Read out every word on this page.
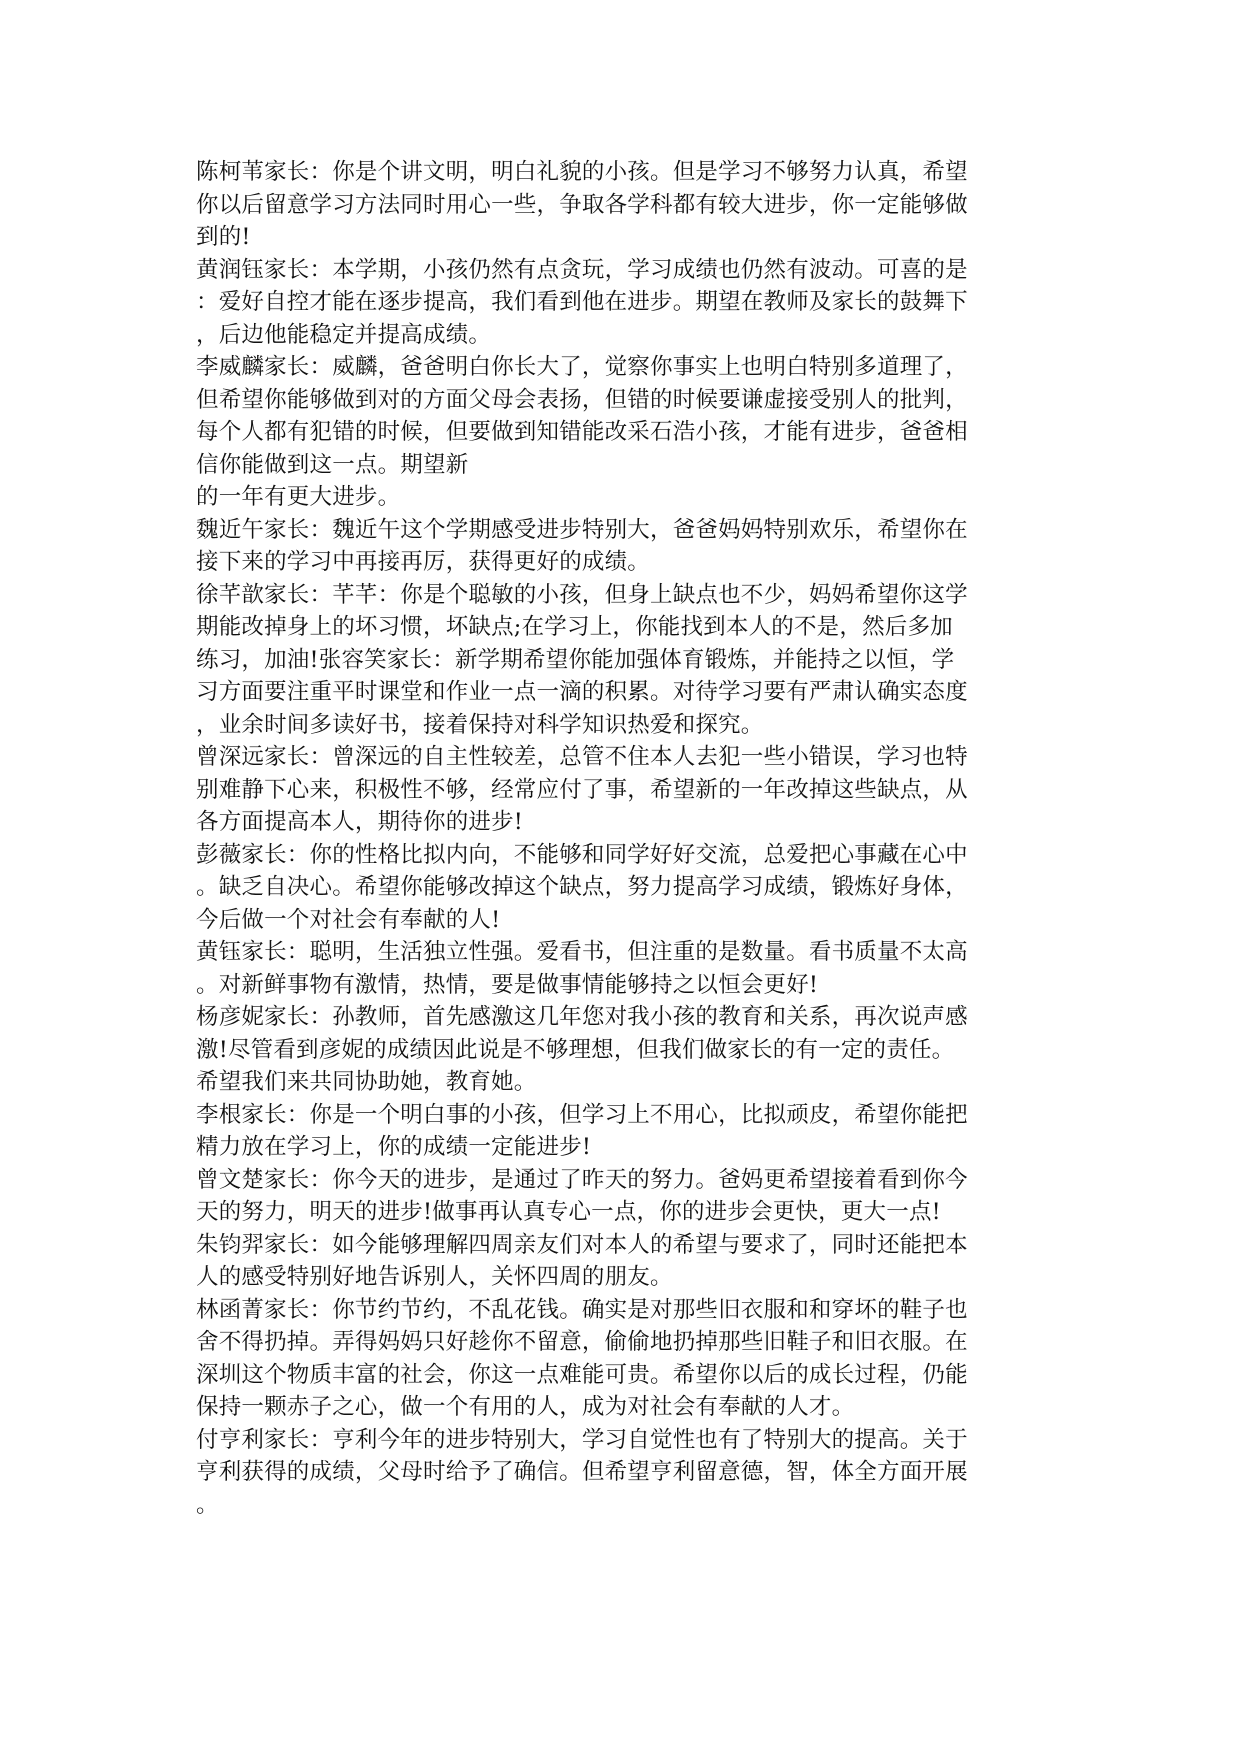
陈柯苇家长：你是个讲文明，明白礼貌的小孩。但是学习不够努力认真，希望
你以后留意学习方法同时用心一些，争取各学科都有较大进步，你一定能够做
到的!

黄润钰家长：本学期，小孩仍然有点贪玩，学习成绩也仍然有波动。可喜的是
：爱好自控才能在逐步提高，我们看到他在进步。期望在教师及家长的鼓舞下
，后边他能稳定并提高成绩。

李威麟家长：威麟，爸爸明白你长大了，觉察你事实上也明白特别多道理了，
但希望你能够做到对的方面父母会表扬，但错的时候要谦虚接受别人的批判，
每个人都有犯错的时候，但要做到知错能改采石浩小孩，才能有进步，爸爸相
信你能做到这一点。期望新
的一年有更大进步。

魏近午家长：魏近午这个学期感受进步特别大，爸爸妈妈特别欢乐，希望你在
接下来的学习中再接再厉，获得更好的成绩。

徐芊歆家长：芊芊：你是个聪敏的小孩，但身上缺点也不少，妈妈希望你这学
期能改掉身上的坏习惯，坏缺点;在学习上，你能找到本人的不是，然后多加
练习，加油!张容笑家长：新学期希望你能加强体育锻炼，并能持之以恒，学
习方面要注重平时课堂和作业一点一滴的积累。对待学习要有严肃认确实态度
，业余时间多读好书，接着保持对科学知识热爱和探究。

曾深远家长：曾深远的自主性较差，总管不住本人去犯一些小错误，学习也特
别难静下心来，积极性不够，经常应付了事，希望新的一年改掉这些缺点，从
各方面提高本人，期待你的进步!

彭薇家长：你的性格比拟内向，不能够和同学好好交流，总爱把心事藏在心中
。缺乏自决心。希望你能够改掉这个缺点，努力提高学习成绩，锻炼好身体，
今后做一个对社会有奉献的人!

黄钰家长：聪明，生活独立性强。爱看书，但注重的是数量。看书质量不太高
。对新鲜事物有激情，热情，要是做事情能够持之以恒会更好!

杨彦妮家长：孙教师，首先感激这几年您对我小孩的教育和关系，再次说声感
激!尽管看到彦妮的成绩因此说是不够理想，但我们做家长的有一定的责任。
希望我们来共同协助她，教育她。

李根家长：你是一个明白事的小孩，但学习上不用心，比拟顽皮，希望你能把
精力放在学习上，你的成绩一定能进步!

曾文楚家长：你今天的进步，是通过了昨天的努力。爸妈更希望接着看到你今
天的努力，明天的进步!做事再认真专心一点，你的进步会更快，更大一点!

朱钧羿家长：如今能够理解四周亲友们对本人的希望与要求了，同时还能把本
人的感受特别好地告诉别人，关怀四周的朋友。

林函菁家长：你节约节约，不乱花钱。确实是对那些旧衣服和和穿坏的鞋子也
舍不得扔掉。弄得妈妈只好趁你不留意，偷偷地扔掉那些旧鞋子和旧衣服。在
深圳这个物质丰富的社会，你这一点难能可贵。希望你以后的成长过程，仍能
保持一颗赤子之心，做一个有用的人，成为对社会有奉献的人才。

付亨利家长：亨利今年的进步特别大，学习自觉性也有了特别大的提高。关于
亨利获得的成绩，父母时给予了确信。但希望亨利留意德，智，体全方面开展
。
